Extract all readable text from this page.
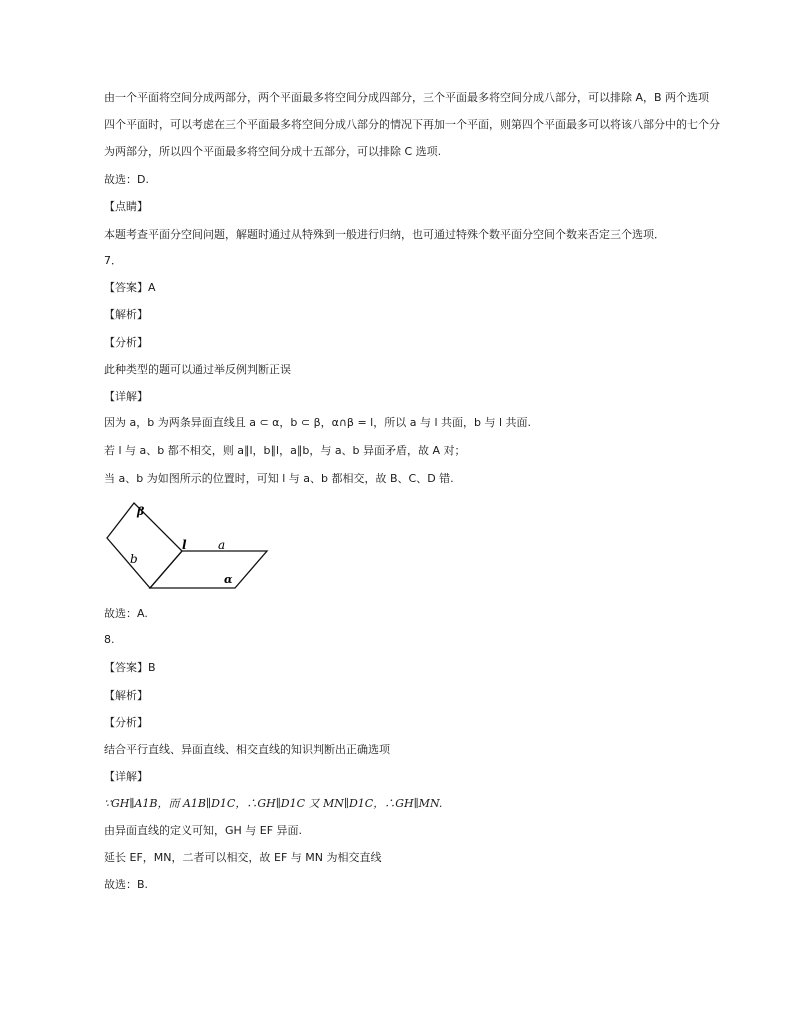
由一个平面将空间分成两部分，两个平面最多将空间分成四部分，三个平面最多将空间分成八部分，可以排除 A，B 两个选项
四个平面时，可以考虑在三个平面最多将空间分成八部分的情况下再加一个平面，则第四个平面最多可以将该八部分中的七个分
为两部分，所以四个平面最多将空间分成十五部分，可以排除 C 选项.
故选：D.
【点睛】
本题考查平面分空间问题，解题时通过从特殊到一般进行归纳，也可通过特殊个数平面分空间个数来否定三个选项．
7．
【答案】A
【解析】
【分析】
此种类型的题可以通过举反例判断正误
【详解】
因为 a，b 为两条异面直线且 a ⊂ α，b ⊂ β，α∩β = l，所以 a 与 l 共面，b 与 l 共面.
若 l 与 a、b 都不相交，则 a∥l，b∥l，a∥b，与 a、b 异面矛盾，故 A 对；
当 a、b 为如图所示的位置时，可知 l 与 a、b 都相交，故 B、C、D 错.
β
l	a
b
α
故选：A.
8.
【答案】B
【解析】
【分析】
结合平行直线、异面直线、相交直线的知识判断出正确选项
【详解】
∵GH∥A1B，而 A1B∥D1C，∴GH∥D1C 又 MN∥D1C，∴GH∥MN.
由异面直线的定义可知，GH 与 EF 异面.
延长 EF，MN，二者可以相交，故 EF 与 MN 为相交直线
故选：B.
